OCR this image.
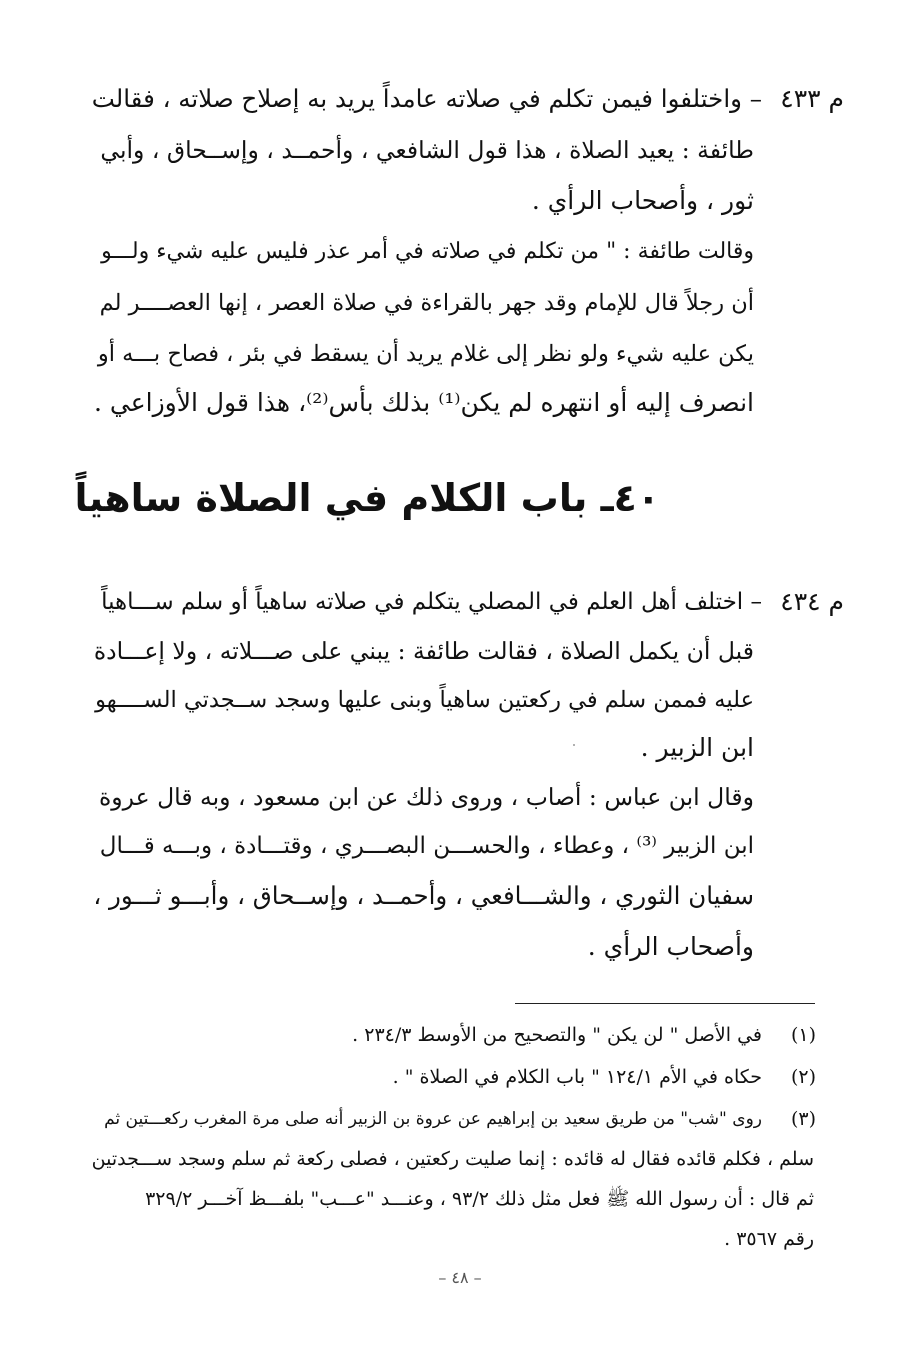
م ٤٣٣
– واختلفوا فيمن تكلم في صلاته عامداً يريد به إصلاح صلاته ، فقالت
طائفة : يعيد الصلاة ، هذا قول الشافعي ، وأحمــد ، وإســحاق ، وأبي
ثور ، وأصحاب الرأي .
وقالت طائفة : " من تكلم في صلاته في أمر عذر فليس عليه شيء ولـــو
أن رجلاً قال للإمام وقد جهر بالقراءة في صلاة العصر ، إنها العصــــر لم
يكن عليه شيء ولو نظر إلى غلام يريد أن يسقط في بئر ، فصاح بـــه أو
انصرف إليه أو انتهره لم يكن⁽¹⁾ بذلك بأس⁽²⁾، هذا قول الأوزاعي .
٤٠ـ باب الكلام في الصلاة ساهياً
م ٤٣٤
– اختلف أهل العلم في المصلي يتكلم في صلاته ساهياً أو سلم ســـاهياً
قبل أن يكمل الصلاة ، فقالت طائفة : يبني على صـــلاته ، ولا إعـــادة
عليه فممن سلم في ركعتين ساهياً وبنى عليها وسجد ســجدتي الســــهو
ابن الزبير .
وقال ابن عباس : أصاب ، وروى ذلك عن ابن مسعود ، وبه قال عروة
ابن الزبير ⁽³⁾ ، وعطاء ، والحســـن البصـــري ، وقتـــادة ، وبـــه قـــال
سفيان الثوري ، والشـــافعي ، وأحمــد ، وإســحاق ، وأبـــو ثـــور ،
وأصحاب الرأي .
(١)
في الأصل " لن يكن " والتصحيح من الأوسط ٢٣٤/٣ .
(٢)
حكاه في الأم ١٢٤/١ " باب الكلام في الصلاة " .
(٣)
روى "شب" من طريق سعيد بن إبراهيم عن عروة بن الزبير أنه صلى مرة المغرب ركعـــتين ثم
سلم ، فكلم قائده فقال له قائده : إنما صليت ركعتين ، فصلى ركعة ثم سلم وسجد ســـجدتين
ثم قال : أن رسول الله ﷺ فعل مثل ذلك ٩٣/٢ ، وعنـــد "عـــب" بلفـــظ آخـــر ٣٢٩/٢
رقم ٣٥٦٧ .
– ٤٨ –
